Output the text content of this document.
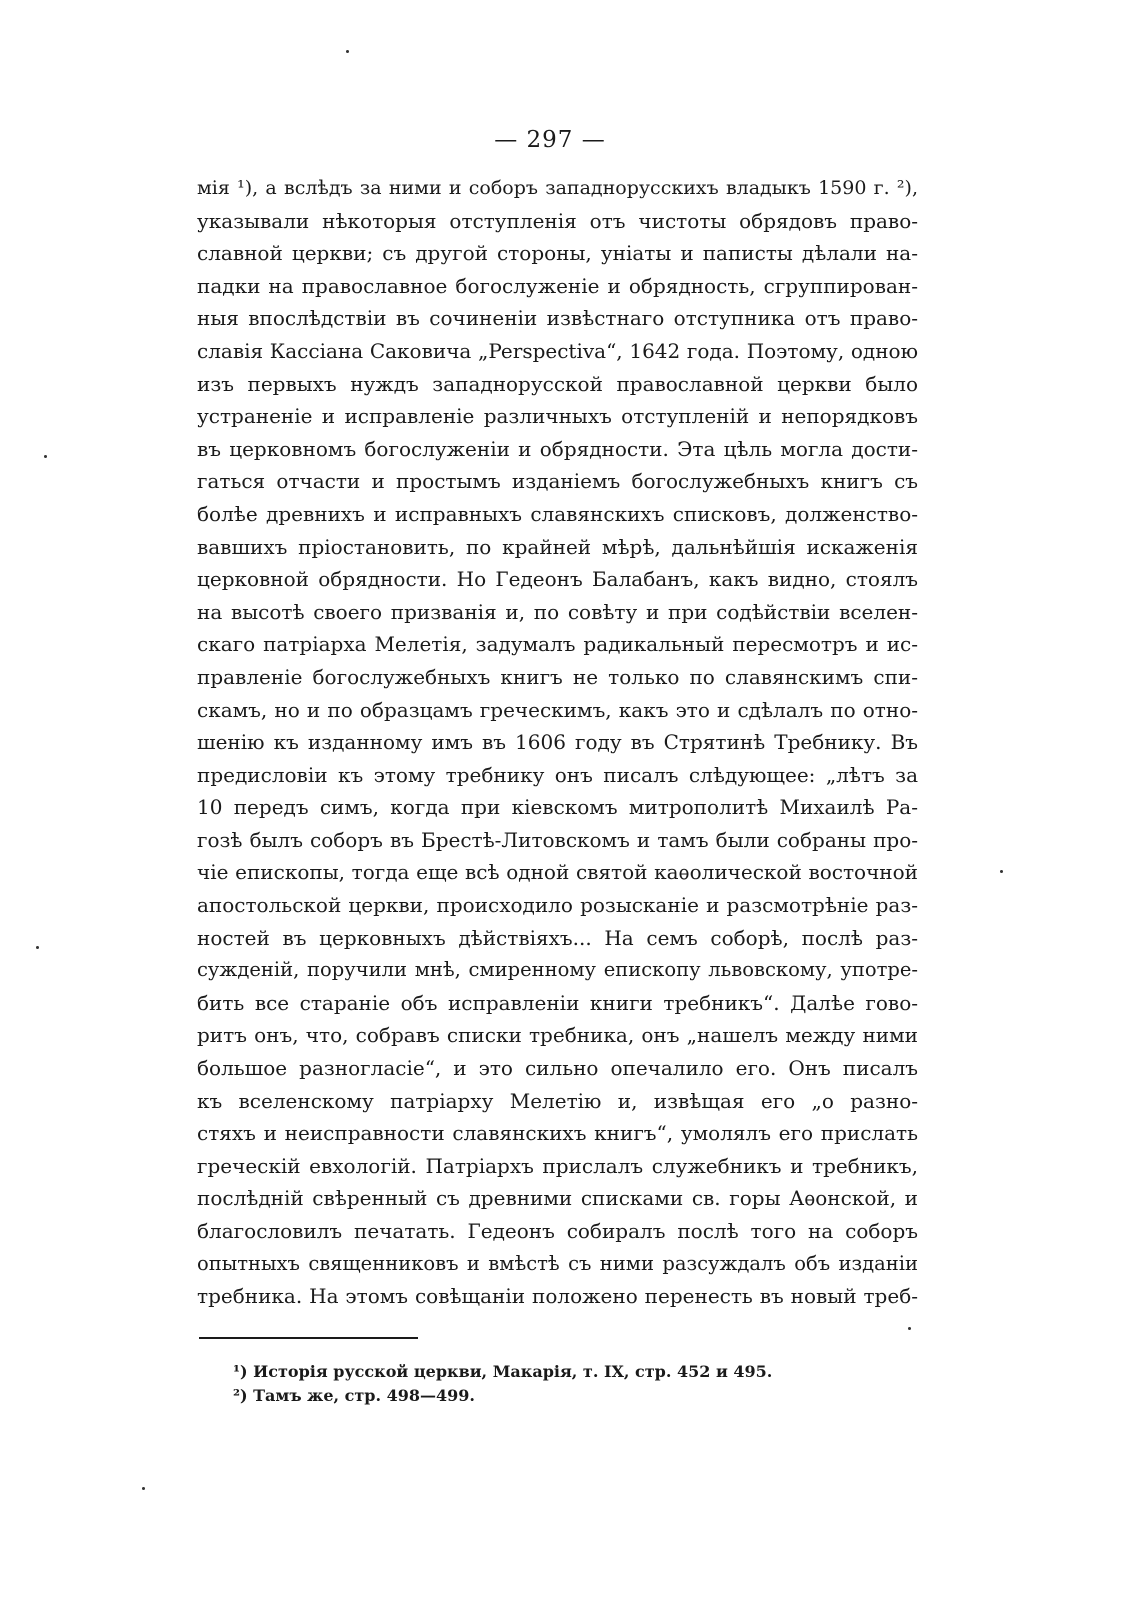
— 297 —
мія ¹), а вслѣдъ за ними и соборъ западнорусскихъ владыкъ 1590 г. ²),
указывали нѣкоторыя отступленія отъ чистоты обрядовъ право-
славной церкви; съ другой стороны, уніаты и паписты дѣлали на-
падки на православное богослуженіе и обрядность, сгруппирован-
ныя впослѣдствіи въ сочиненіи извѣстнаго отступника отъ право-
славія Кассіана Саковича „Perspectiva“, 1642 года. Поэтому, одною
изъ первыхъ нуждъ западнорусской православной церкви было
устраненіе и исправленіе различныхъ отступленій и непорядковъ
въ церковномъ богослуженіи и обрядности. Эта цѣль могла дости-
гаться отчасти и простымъ изданіемъ богослужебныхъ книгъ съ
болѣе древнихъ и исправныхъ славянскихъ списковъ, долженство-
вавшихъ пріостановить, по крайней мѣрѣ, дальнѣйшія искаженія
церковной обрядности. Но Гедеонъ Балабанъ, какъ видно, стоялъ
на высотѣ своего призванія и, по совѣту и при содѣйствіи вселен-
скаго патріарха Мелетія, задумалъ радикальный пересмотръ и ис-
правленіе богослужебныхъ книгъ не только по славянскимъ спи-
скамъ, но и по образцамъ греческимъ, какъ это и сдѣлалъ по отно-
шенію къ изданному имъ въ 1606 году въ Стрятинѣ Требнику. Въ
предисловіи къ этому требнику онъ писалъ слѣдующее: „лѣтъ за
10 передъ симъ, когда при кіевскомъ митрополитѣ Михаилѣ Ра-
гозѣ былъ соборъ въ Брестѣ-Литовскомъ и тамъ были собраны про-
чіе епископы, тогда еще всѣ одной святой каѳолической восточной
апостольской церкви, происходило розысканіе и разсмотрѣніе раз-
ностей въ церковныхъ дѣйствіяхъ... На семъ соборѣ, послѣ раз-
сужденій, поручили мнѣ, смиренному епископу львовскому, употре-
бить все стараніе объ исправленіи книги требникъ“. Далѣе гово-
ритъ онъ, что, собравъ списки требника, онъ „нашелъ между ними
большое разногласіе“, и это сильно опечалило его. Онъ писалъ
къ вселенскому патріарху Мелетію и, извѣщая его „о разно-
стяхъ и неисправности славянскихъ книгъ“, умолялъ его прислать
греческій евхологій. Патріархъ прислалъ служебникъ и требникъ,
послѣдній свѣренный съ древними списками св. горы Аѳонской, и
благословилъ печатать. Гедеонъ собиралъ послѣ того на соборъ
опытныхъ священниковъ и вмѣстѣ съ ними разсуждалъ объ изданіи
требника. На этомъ совѣщаніи положено перенесть въ новый треб-
¹) Исторія русской церкви, Макарія, т. IX, стр. 452 и 495.
²) Тамъ же, стр. 498—499.
